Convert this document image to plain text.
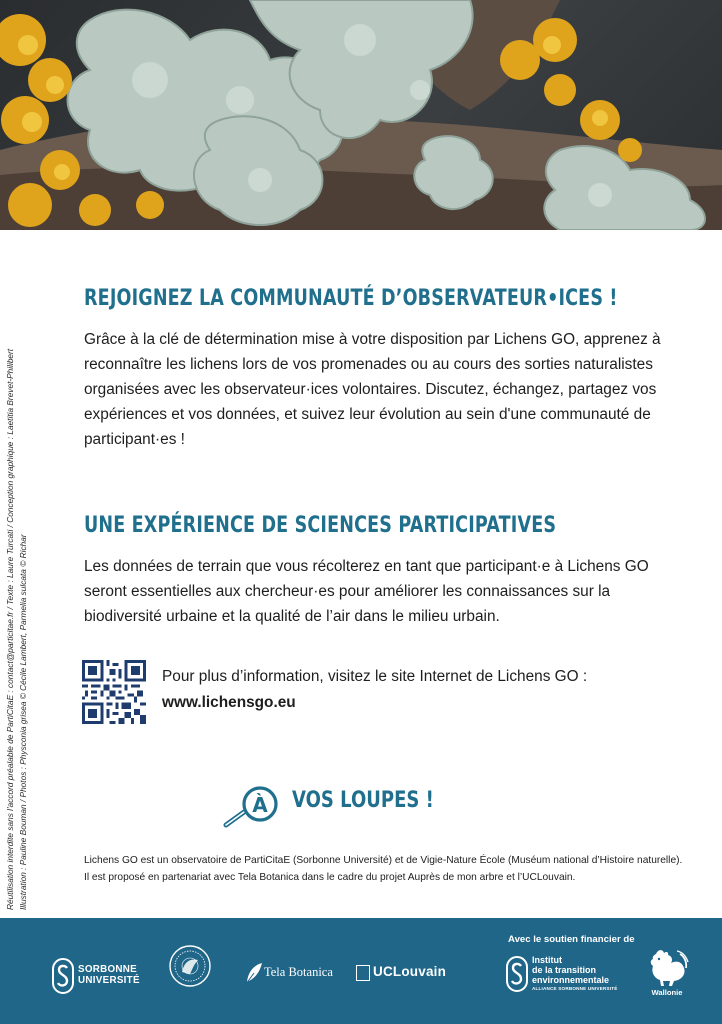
Réutilisation interdite sans l'accord préalable de PartiCitaE : contact@particitae.fr / Texte : Laure Turcati / Conception graphique : Laetitia Brevet-Philibert Illustration : Pauline Bouman / Photos : Physconia grisea © Cécile Lambert, Parmelia sulcata © Richar
REJOIGNEZ LA COMMUNAUTÉ D’OBSERVATEUR•ICES !

Grâce à la clé de détermination mise à votre disposition par Lichens GO, apprenez à reconnaître les lichens lors de vos promenades ou au cours des sorties naturalistes organisées avec les observateur·ices volontaires. Discutez, échangez, partagez vos expériences et vos données, et suivez leur évolution au sein d'une communauté de participant·es !

UNE EXPÉRIENCE DE SCIENCES PARTICIPATIVES

Les données de terrain que vous récolterez en tant que participant·e à Lichens GO seront essentielles aux chercheur·es pour améliorer les connaissances sur la biodiversité urbaine et la qualité de l’air dans le milieu urbain.

Pour plus d’information, visitez le site Internet de Lichens GO :
www.lichensgo.eu
À VOS LOUPES !

Lichens GO est un observatoire de PartiCitaE (Sorbonne Université) et de Vigie-Nature École (Muséum national d’Histoire naturelle). Il est proposé en partenariat avec Tela Botanica dans le cadre du projet Auprès de mon arbre et l’UCLouvain.

Avec le soutien financier de
SORBONNE
UNIVERSITÉ
Tela Botanica	UCLouvain
Institut
de la transition
environnementale
ALLIANCE SORBONNE UNIVERSITÉ	Wallonie
